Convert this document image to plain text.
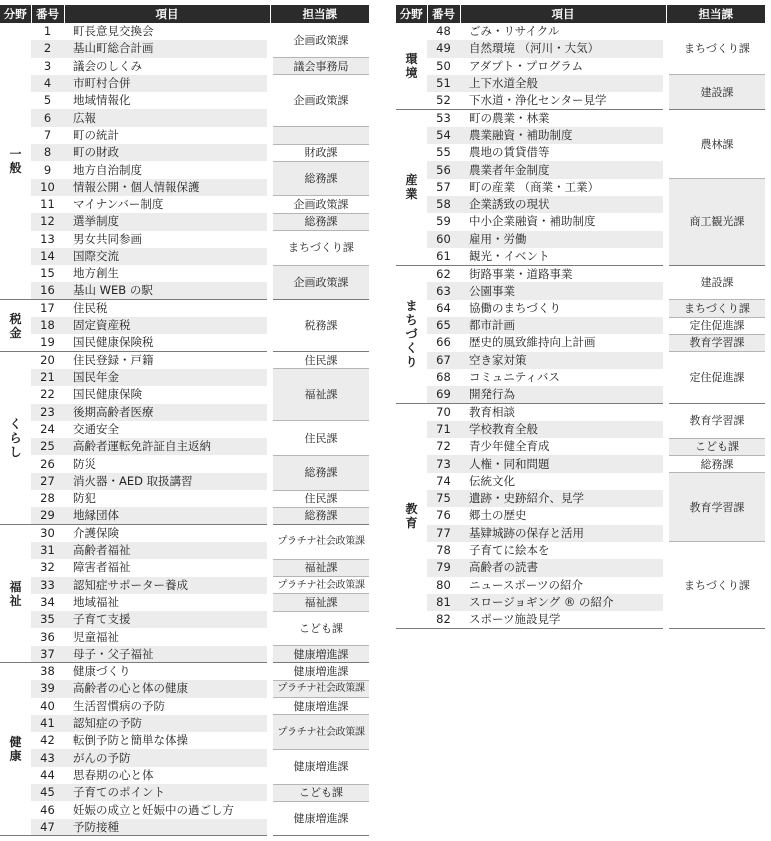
分野	番号	項目	担当課
一般	1	町長意見交換会	企画政策課
	2	基山町総合計画	
	3	議会のしくみ	議会事務局
	4	市町村合併	企画政策課
	5	地域情報化	
	6	広報	
	7	町の統計	
	8	町の財政	財政課
	9	地方自治制度	総務課
	10	情報公開・個人情報保護	
	11	マイナンバー制度	企画政策課
	12	選挙制度	総務課
	13	男女共同参画	まちづくり課
	14	国際交流	
	15	地方創生	企画政策課
	16	基山 WEB の駅	
税金	17	住民税	税務課
	18	固定資産税	
	19	国民健康保険税	
くらし	20	住民登録・戸籍	住民課
	21	国民年金	福祉課
	22	国民健康保険	
	23	後期高齢者医療	
	24	交通安全	住民課
	25	高齢者運転免許証自主返納	
	26	防災	総務課
	27	消火器・AED 取扱講習	
	28	防犯	住民課
	29	地縁団体	総務課
福祉	30	介護保険	プラチナ社会政策課
	31	高齢者福祉	
	32	障害者福祉	福祉課
	33	認知症サポーター養成	プラチナ社会政策課
	34	地域福祉	福祉課
	35	子育て支援	こども課
	36	児童福祉	
	37	母子・父子福祉	健康増進課
健康	38	健康づくり	健康増進課
	39	高齢者の心と体の健康	プラチナ社会政策課
	40	生活習慣病の予防	健康増進課
	41	認知症の予防	プラチナ社会政策課
	42	転倒予防と簡単な体操	
	43	がんの予防	健康増進課
	44	思春期の心と体	
	45	子育てのポイント	こども課
	46	妊娠の成立と妊娠中の過ごし方	健康増進課
	47	予防接種	
分野	番号	項目	担当課
環境	48	ごみ・リサイクル	まちづくり課
	49	自然環境 （河川・大気）	
	50	アダプト・プログラム	
	51	上下水道全般	建設課
	52	下水道・浄化センター見学	
産業	53	町の農業・林業	農林課
	54	農業融資・補助制度	
	55	農地の賃貸借等	
	56	農業者年金制度	
	57	町の産業 （商業・工業）	商工観光課
	58	企業誘致の現状	
	59	中小企業融資・補助制度	
	60	雇用・労働	
	61	観光・イベント	
まちづくり	62	街路事業・道路事業	建設課
	63	公園事業	
	64	協働のまちづくり	まちづくり課
	65	都市計画	定住促進課
	66	歴史的風致維持向上計画	教育学習課
	67	空き家対策	定住促進課
	68	コミュニティバス	
	69	開発行為	
教育	70	教育相談	教育学習課
	71	学校教育全般	
	72	青少年健全育成	こども課
	73	人権・同和問題	総務課
	74	伝統文化	教育学習課
	75	遺跡・史跡紹介、見学	
	76	郷土の歴史	
	77	基肄城跡の保存と活用	
	78	子育てに絵本を	まちづくり課
	79	高齢者の読書	
	80	ニュースポーツの紹介	
	81	スロージョギング ® の紹介	
	82	スポーツ施設見学	
